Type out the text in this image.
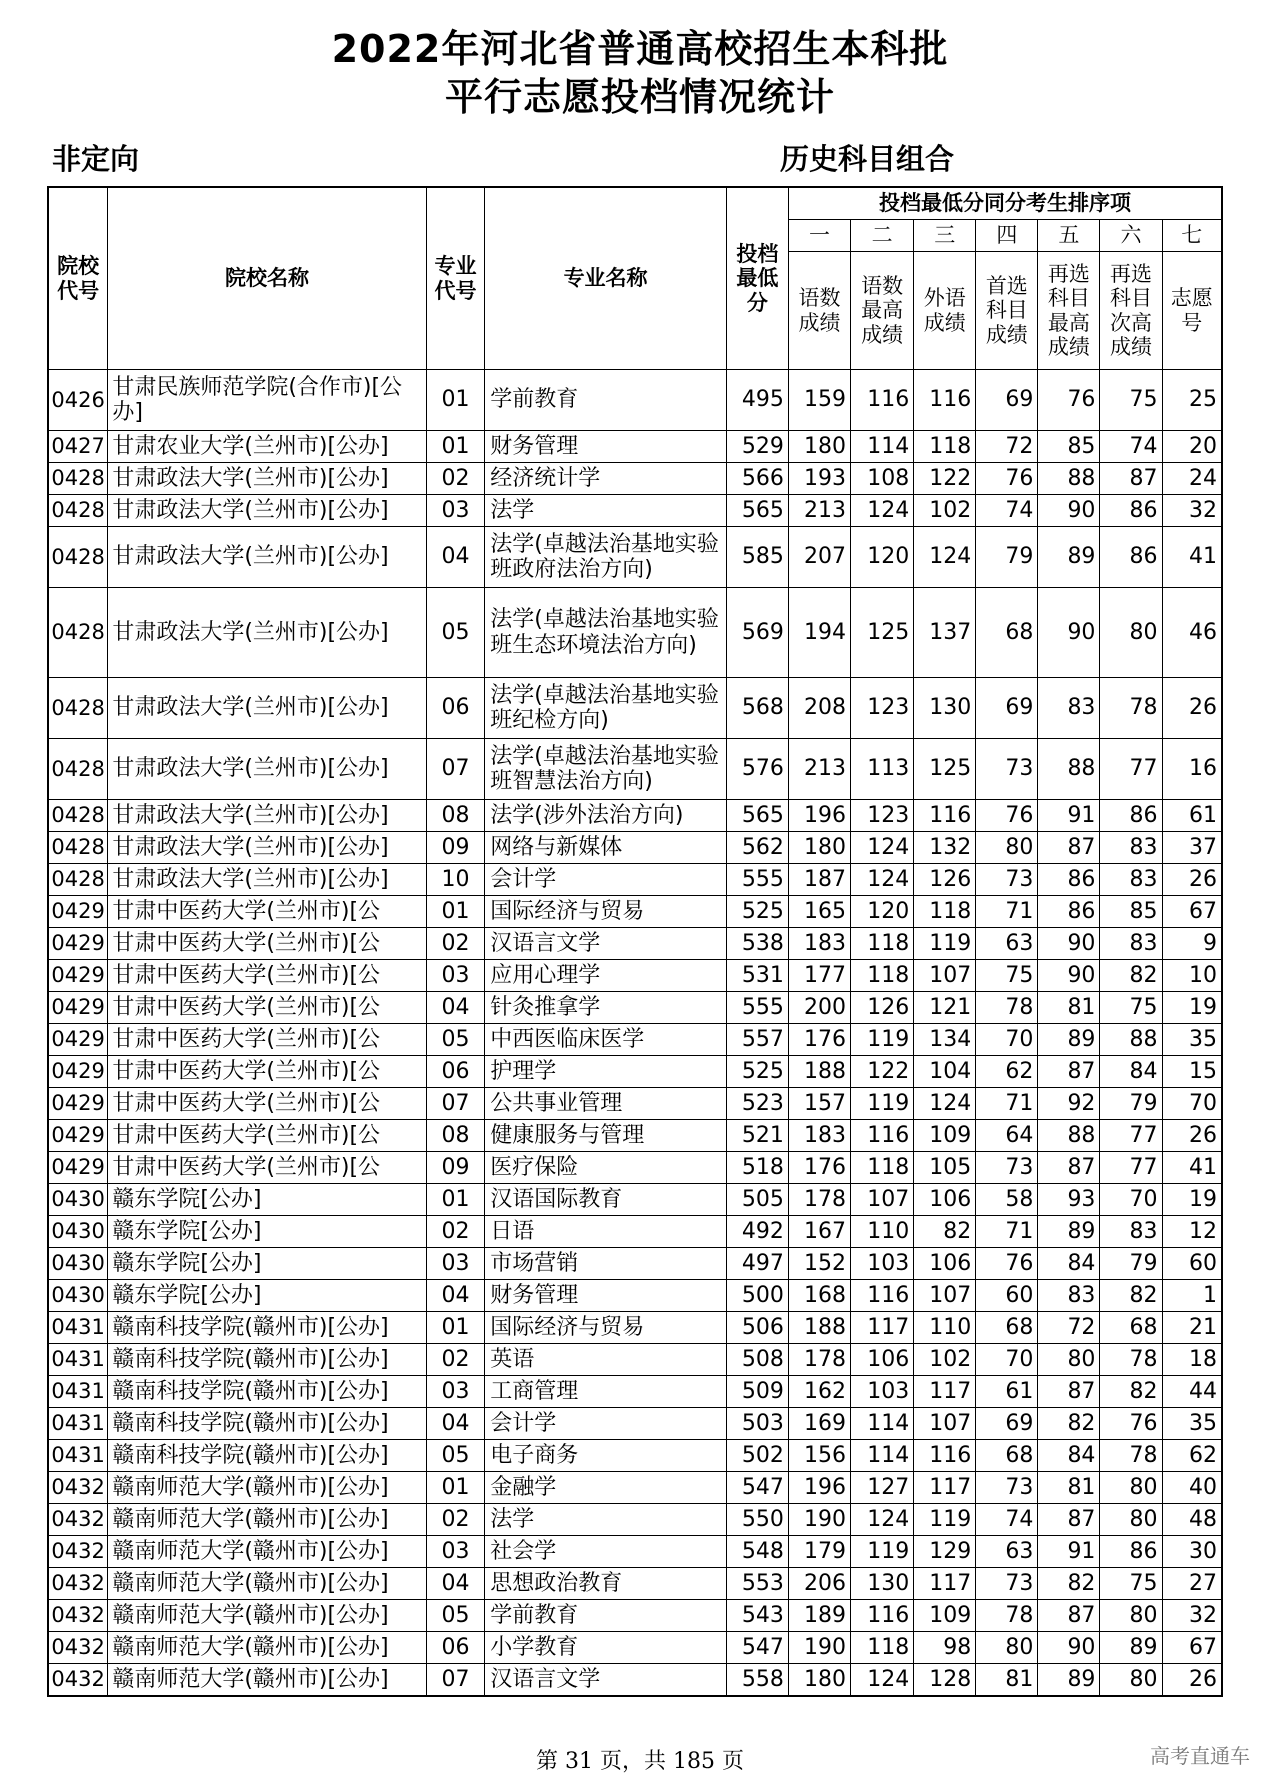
2022年河北省普通高校招生本科批
平行志愿投档情况统计
非定向	历史科目组合
院校代号	院校名称	专业代号	专业名称	投档最低分	投档最低分同分考生排序项						
					一	二	三	四	五	六	七
					语数成绩	语数最高成绩	外语成绩	首选科目成绩	再选科目最高成绩	再选科目次高成绩	志愿号
0426	甘肃民族师范学院(合作市)[公办]	01	学前教育	495	159	116	116	69	76	75	25
0427	甘肃农业大学(兰州市)[公办]	01	财务管理	529	180	114	118	72	85	74	20
0428	甘肃政法大学(兰州市)[公办]	02	经济统计学	566	193	108	122	76	88	87	24
0428	甘肃政法大学(兰州市)[公办]	03	法学	565	213	124	102	74	90	86	32
0428	甘肃政法大学(兰州市)[公办]	04	法学(卓越法治基地实验班政府法治方向)	585	207	120	124	79	89	86	41
0428	甘肃政法大学(兰州市)[公办]	05	法学(卓越法治基地实验班生态环境法治方向)	569	194	125	137	68	90	80	46
0428	甘肃政法大学(兰州市)[公办]	06	法学(卓越法治基地实验班纪检方向)	568	208	123	130	69	83	78	26
0428	甘肃政法大学(兰州市)[公办]	07	法学(卓越法治基地实验班智慧法治方向)	576	213	113	125	73	88	77	16
0428	甘肃政法大学(兰州市)[公办]	08	法学(涉外法治方向)	565	196	123	116	76	91	86	61
0428	甘肃政法大学(兰州市)[公办]	09	网络与新媒体	562	180	124	132	80	87	83	37
0428	甘肃政法大学(兰州市)[公办]	10	会计学	555	187	124	126	73	86	83	26
0429	甘肃中医药大学(兰州市)[公	01	国际经济与贸易	525	165	120	118	71	86	85	67
0429	甘肃中医药大学(兰州市)[公	02	汉语言文学	538	183	118	119	63	90	83	9
0429	甘肃中医药大学(兰州市)[公	03	应用心理学	531	177	118	107	75	90	82	10
0429	甘肃中医药大学(兰州市)[公	04	针灸推拿学	555	200	126	121	78	81	75	19
0429	甘肃中医药大学(兰州市)[公	05	中西医临床医学	557	176	119	134	70	89	88	35
0429	甘肃中医药大学(兰州市)[公	06	护理学	525	188	122	104	62	87	84	15
0429	甘肃中医药大学(兰州市)[公	07	公共事业管理	523	157	119	124	71	92	79	70
0429	甘肃中医药大学(兰州市)[公	08	健康服务与管理	521	183	116	109	64	88	77	26
0429	甘肃中医药大学(兰州市)[公	09	医疗保险	518	176	118	105	73	87	77	41
0430	赣东学院[公办]	01	汉语国际教育	505	178	107	106	58	93	70	19
0430	赣东学院[公办]	02	日语	492	167	110	82	71	89	83	12
0430	赣东学院[公办]	03	市场营销	497	152	103	106	76	84	79	60
0430	赣东学院[公办]	04	财务管理	500	168	116	107	60	83	82	1
0431	赣南科技学院(赣州市)[公办]	01	国际经济与贸易	506	188	117	110	68	72	68	21
0431	赣南科技学院(赣州市)[公办]	02	英语	508	178	106	102	70	80	78	18
0431	赣南科技学院(赣州市)[公办]	03	工商管理	509	162	103	117	61	87	82	44
0431	赣南科技学院(赣州市)[公办]	04	会计学	503	169	114	107	69	82	76	35
0431	赣南科技学院(赣州市)[公办]	05	电子商务	502	156	114	116	68	84	78	62
0432	赣南师范大学(赣州市)[公办]	01	金融学	547	196	127	117	73	81	80	40
0432	赣南师范大学(赣州市)[公办]	02	法学	550	190	124	119	74	87	80	48
0432	赣南师范大学(赣州市)[公办]	03	社会学	548	179	119	129	63	91	86	30
0432	赣南师范大学(赣州市)[公办]	04	思想政治教育	553	206	130	117	73	82	75	27
0432	赣南师范大学(赣州市)[公办]	05	学前教育	543	189	116	109	78	87	80	32
0432	赣南师范大学(赣州市)[公办]	06	小学教育	547	190	118	98	80	90	89	67
0432	赣南师范大学(赣州市)[公办]	07	汉语言文学	558	180	124	128	81	89	80	26
第 31 页，共 185 页	高考直通车
